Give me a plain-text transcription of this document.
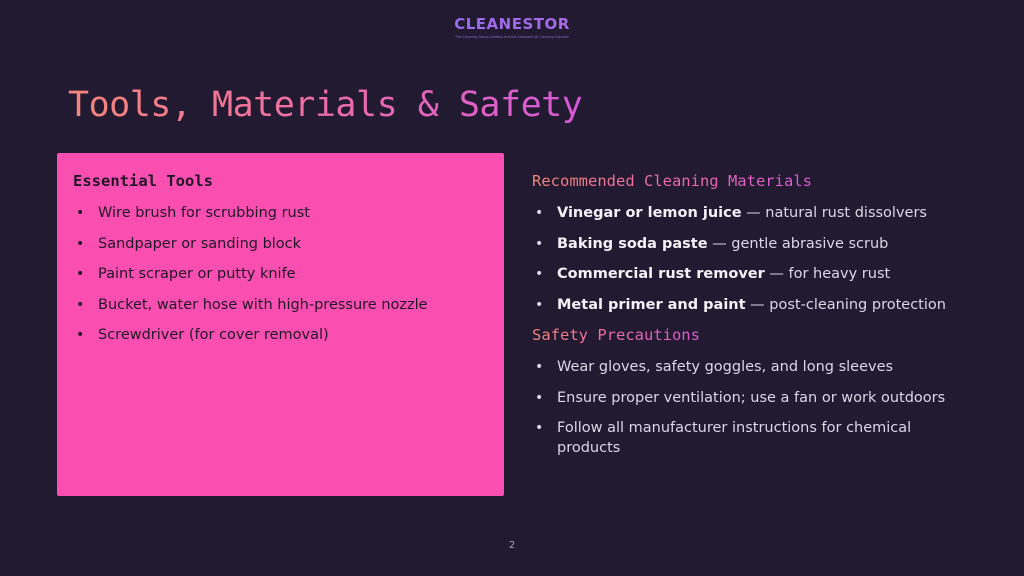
CLEANESTOR
The Cleaning Group Limited and the Cleanest UK Cleaning Solution
Tools, Materials & Safety
Essential Tools
• Wire brush for scrubbing rust
• Sandpaper or sanding block
• Paint scraper or putty knife
• Bucket, water hose with high-pressure nozzle
• Screwdriver (for cover removal)
Recommended Cleaning Materials
• Vinegar or lemon juice — natural rust dissolvers
• Baking soda paste — gentle abrasive scrub
• Commercial rust remover — for heavy rust
• Metal primer and paint — post-cleaning protection
Safety Precautions
• Wear gloves, safety goggles, and long sleeves
• Ensure proper ventilation; use a fan or work outdoors
• Follow all manufacturer instructions for chemical products
2
